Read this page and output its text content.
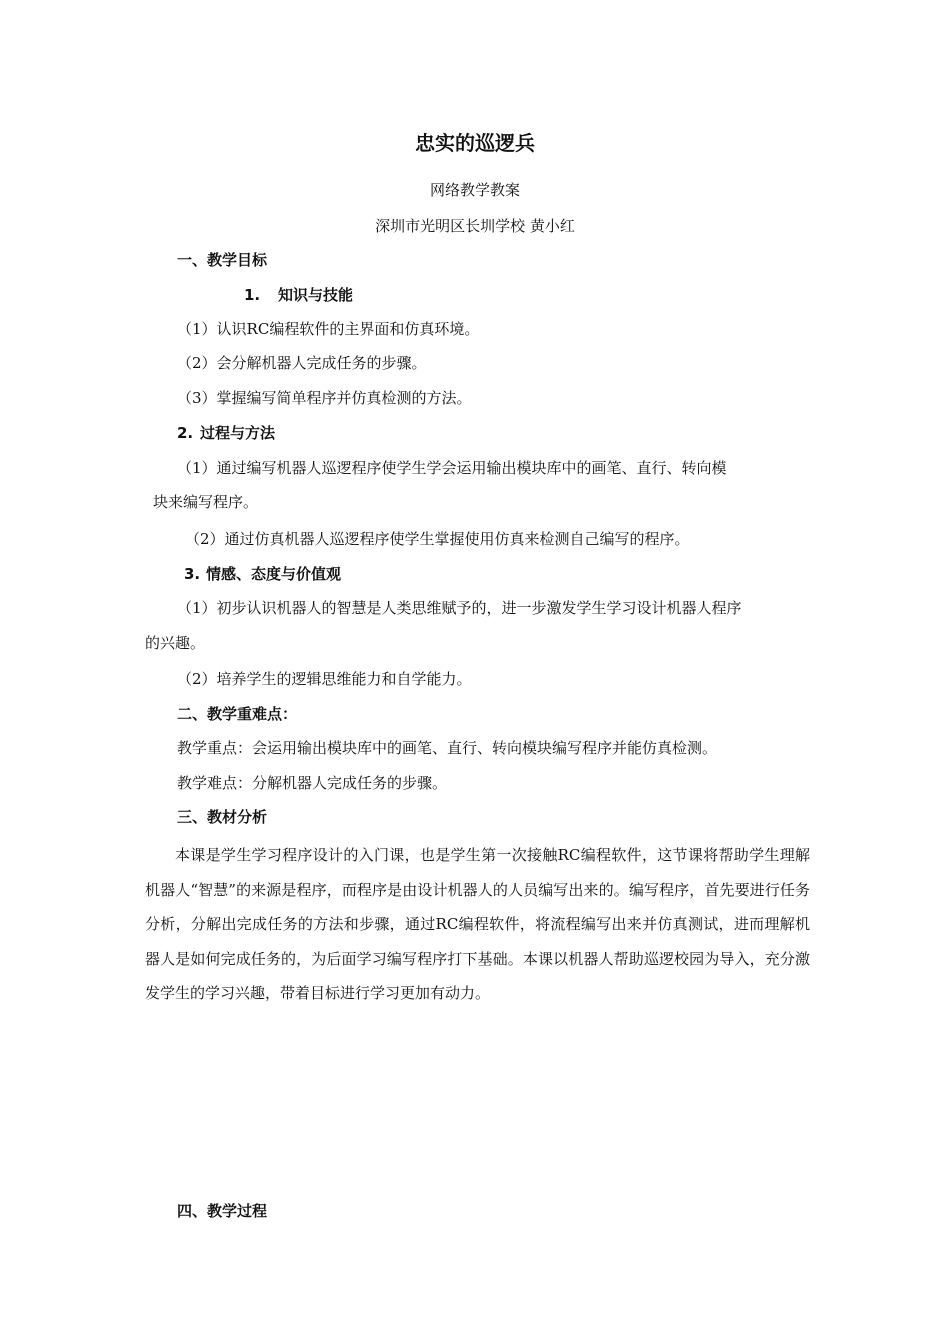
忠实的巡逻兵
网络教学教案
深圳市光明区长圳学校 黄小红
一、教学目标
1. 知识与技能
（1）认识RC编程软件的主界面和仿真环境。
（2）会分解机器人完成任务的步骤。
（3）掌握编写简单程序并仿真检测的方法。
2. 过程与方法
（1）通过编写机器人巡逻程序使学生学会运用输出模块库中的画笔、直行、转向模
块来编写程序。
（2）通过仿真机器人巡逻程序使学生掌握使用仿真来检测自己编写的程序。
3. 情感、态度与价值观
（1）初步认识机器人的智慧是人类思维赋予的，进一步激发学生学习设计机器人程序
的兴趣。
（2）培养学生的逻辑思维能力和自学能力。
二、教学重难点：
教学重点：会运用输出模块库中的画笔、直行、转向模块编写程序并能仿真检测。
教学难点：分解机器人完成任务的步骤。
三、教材分析

本课是学生学习程序设计的入门课，也是学生第一次接触RC编程软件，这节课将帮助学生理解机器人“智慧”的来源是程序，而程序是由设计机器人的人员编写出来的。编写程序，首先要进行任务分析，分解出完成任务的方法和步骤，通过RC编程软件，将流程编写出来并仿真测试，进而理解机器人是如何完成任务的，为后面学习编写程序打下基础。本课以机器人帮助巡逻校园为导入，充分激发学生的学习兴趣，带着目标进行学习更加有动力。

四、教学过程
